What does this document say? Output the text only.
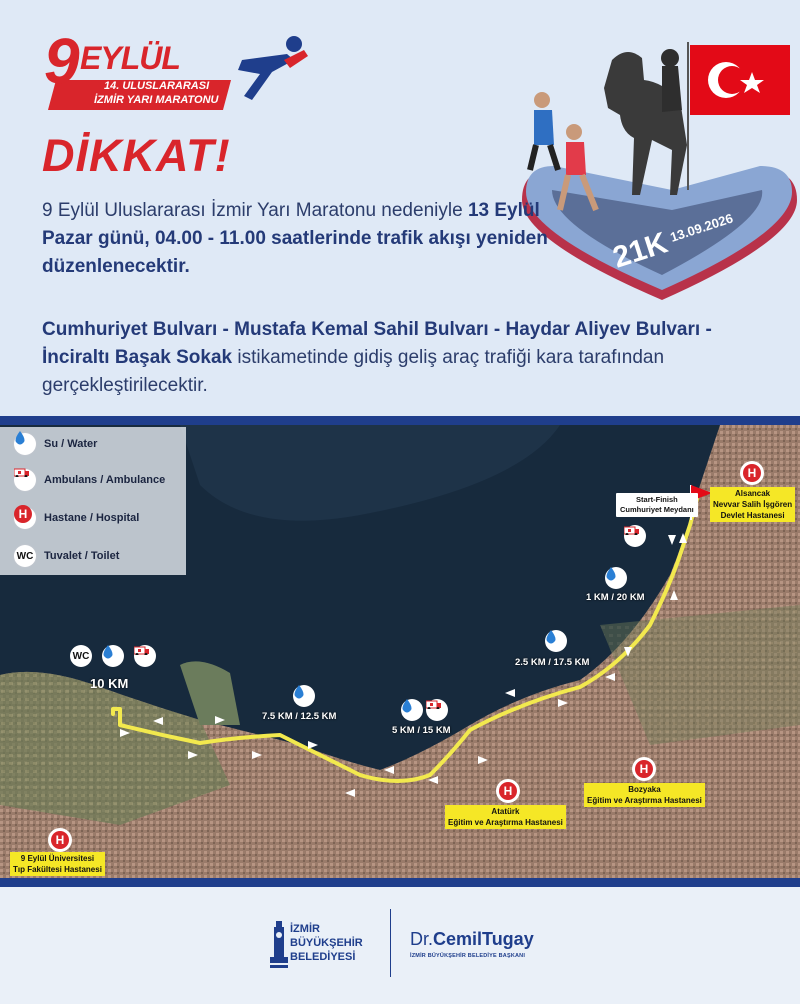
9 EYLÜL
14. ULUSLARARASI
İZMİR YARI MARATONU
21K
13.09.2026
DİKKAT!
9 Eylül Uluslararası İzmir Yarı Maratonu nedeniyle 13 Eylül Pazar günü, 04.00 - 11.00 saatlerinde trafik akışı yeniden düzenlenecektir.
Cumhuriyet Bulvarı - Mustafa Kemal Sahil Bulvarı - Haydar Aliyev Bulvarı - İnciraltı Başak Sokak istikametinde gidiş geliş araç trafiği kara tarafından gerçekleştirilecektir.
Su / Water
Ambulans / Ambulance
H Hastane / Hospital
WC Tuvalet / Toilet
Start-Finish
Cumhuriyet Meydanı
H
Alsancak
Nevvar Salih İşgören
Devlet Hastanesi
1 KM / 20 KM
2.5 KM / 17.5 KM
5 KM / 15 KM
7.5 KM / 12.5 KM
WC
10 KM
H
Bozyaka
Eğitim ve Araştırma Hastanesi
H
Atatürk
Eğitim ve Araştırma Hastanesi
H
9 Eylül Üniversitesi
Tıp Fakültesi Hastanesi
İZMİR
BÜYÜKŞEHİR
BELEDİYESİ
Dr.CemilTugay
İZMİR BÜYÜKŞEHİR BELEDİYE BAŞKANI
